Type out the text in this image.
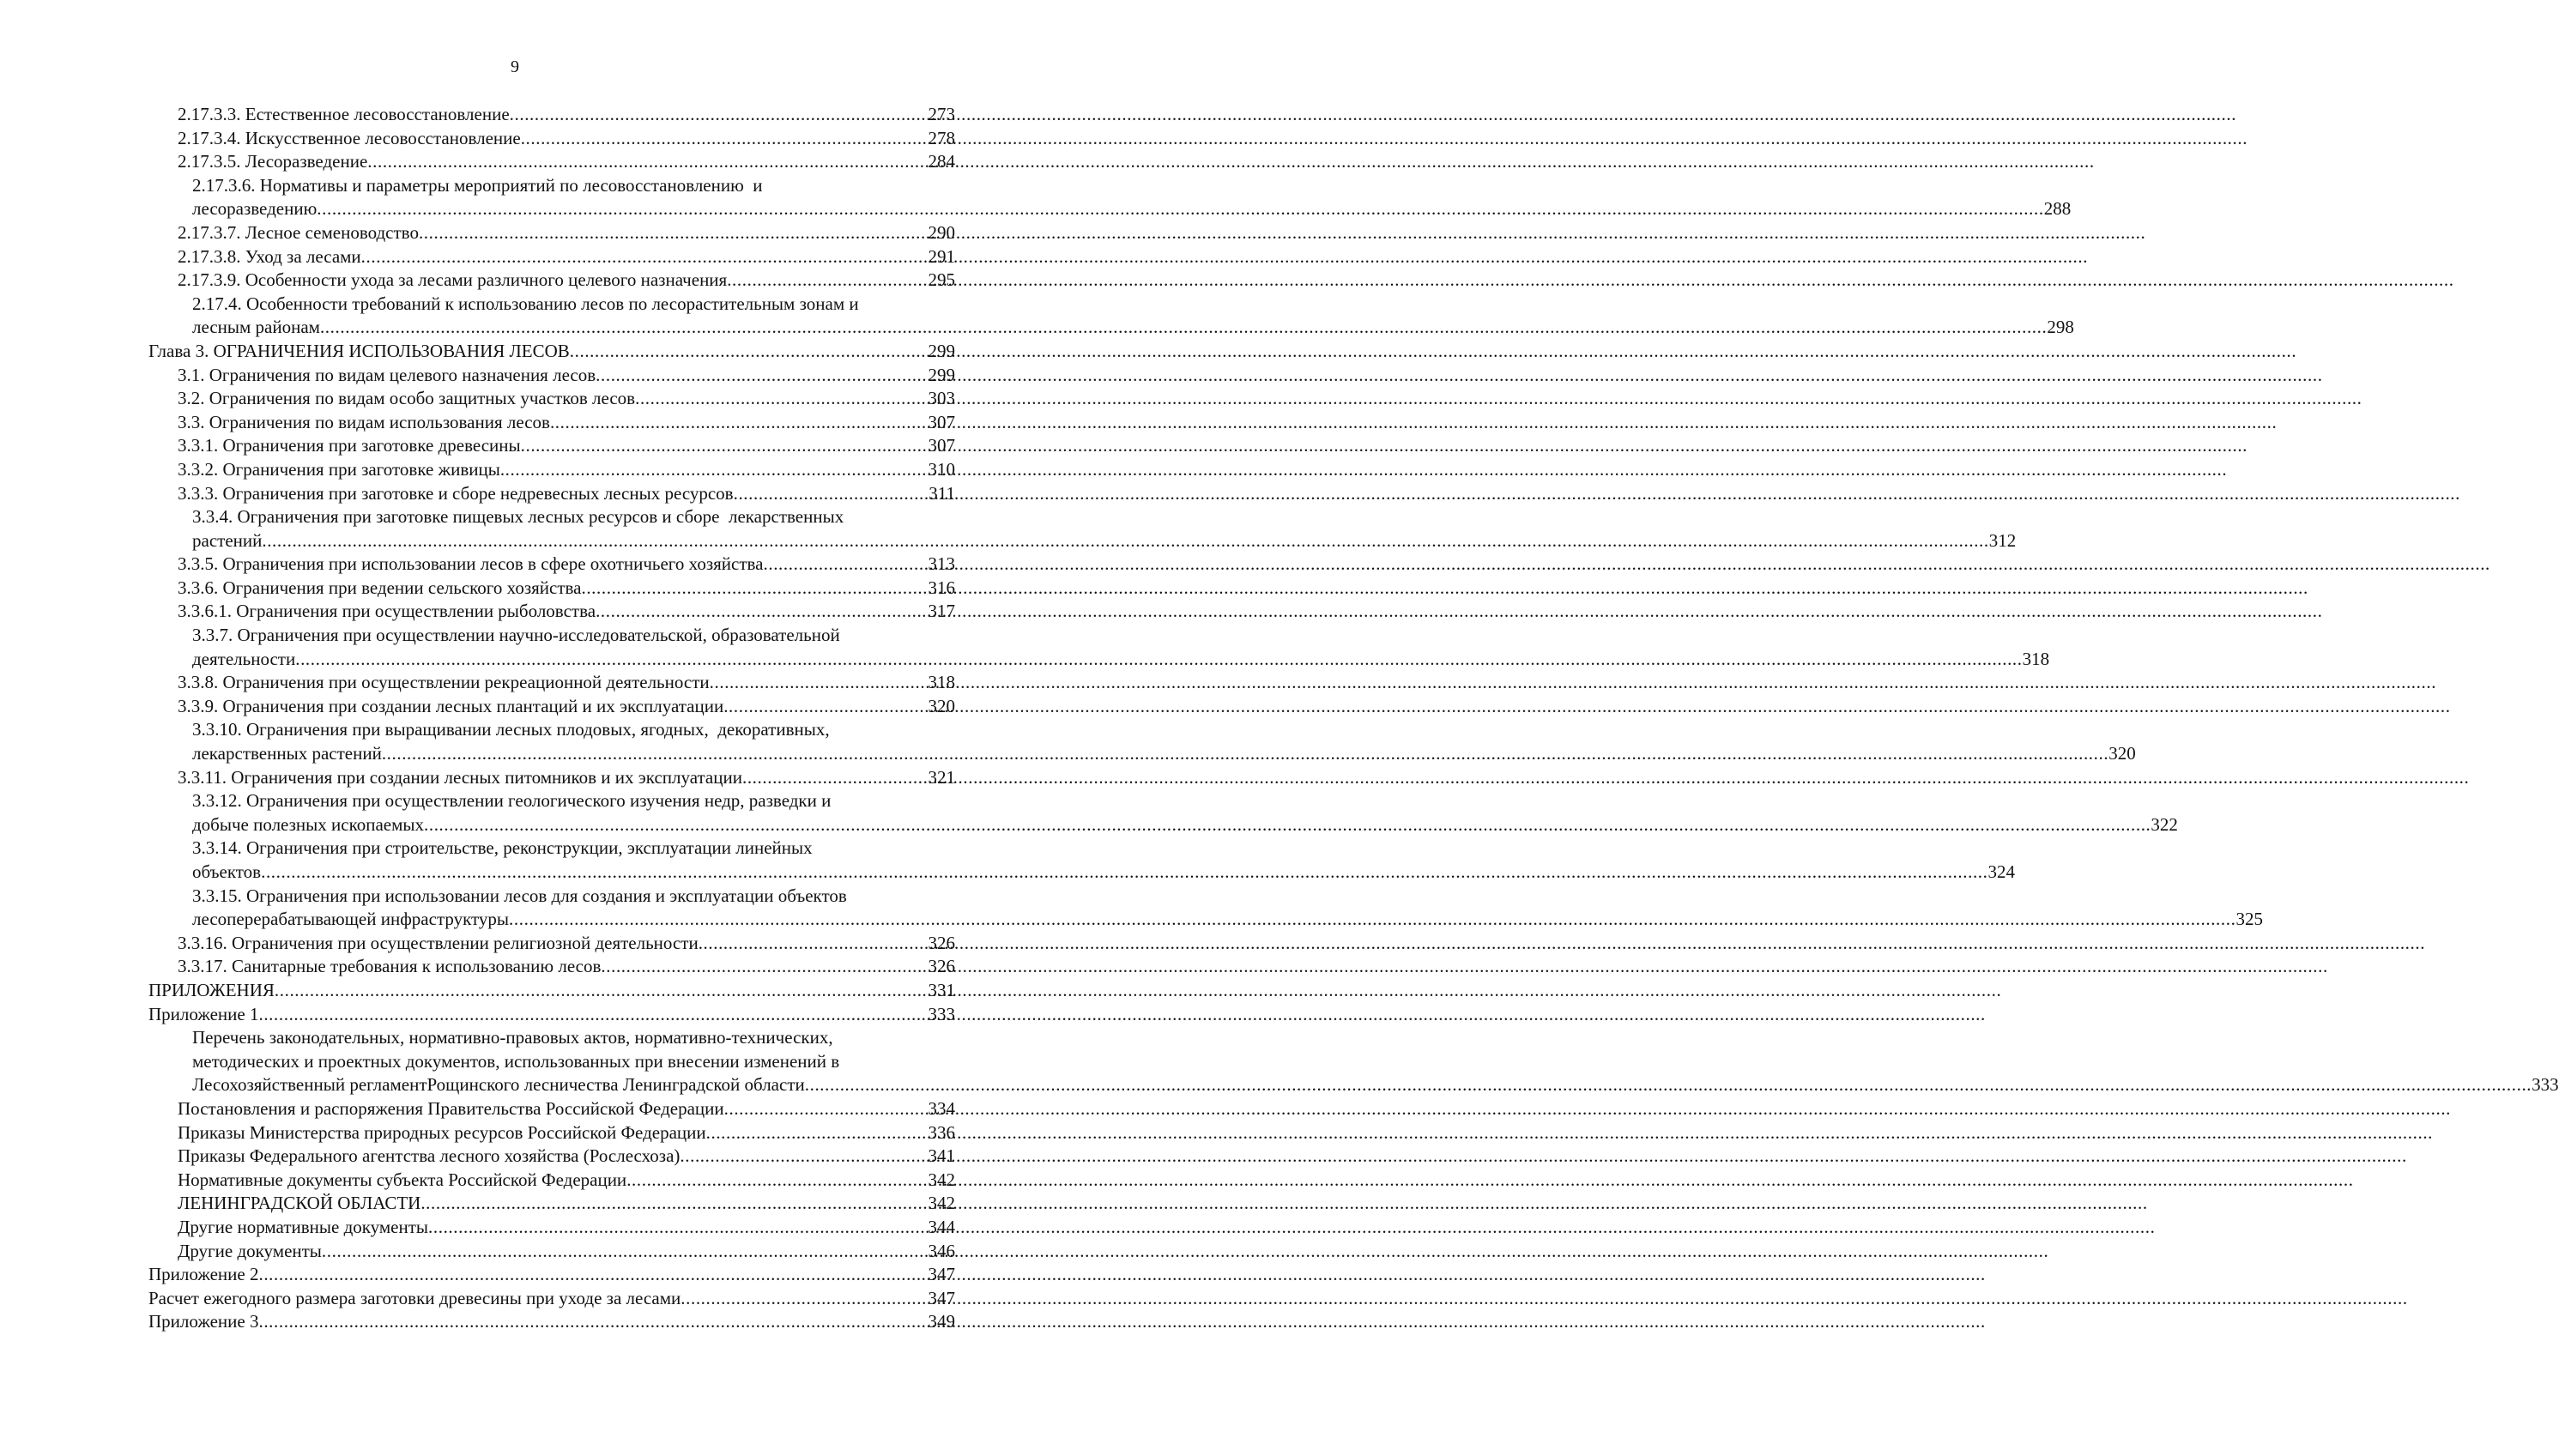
9
2.17.3.3. Естественное лесовосстановление .....	273
2.17.3.4. Искусственное лесовосстановление .....	278
2.17.3.5. Лесоразведение .....	284
2.17.3.6. Нормативы и параметры мероприятий по лесовосстановлению  и
лесоразведению .....	288
2.17.3.7. Лесное семеноводство .....	290
2.17.3.8. Уход за лесами .....	291
2.17.3.9. Особенности ухода за лесами различного целевого назначения .....	295
2.17.4. Особенности требований к использованию лесов по лесорастительным зонам и
лесным районам .....	298
Глава 3. ОГРАНИЧЕНИЯ ИСПОЛЬЗОВАНИЯ ЛЕСОВ .....	299
3.1. Ограничения по видам целевого назначения лесов .....	299
3.2. Ограничения по видам особо защитных участков лесов .....	303
3.3. Ограничения по видам использования лесов .....	307
3.3.1. Ограничения при заготовке древесины .....	307
3.3.2. Ограничения при заготовке живицы .....	310
3.3.3. Ограничения при заготовке и сборе недревесных лесных ресурсов .....	311
3.3.4. Ограничения при заготовке пищевых лесных ресурсов и сборе  лекарственных
растений .....	312
3.3.5. Ограничения при использовании лесов в сфере охотничьего хозяйства .....	313
3.3.6. Ограничения при ведении сельского хозяйства .....	316
3.3.6.1. Ограничения при осуществлении рыболовства .....	317
3.3.7. Ограничения при осуществлении научно-исследовательской, образовательной
деятельности .....	318
3.3.8. Ограничения при осуществлении рекреационной деятельности .....	318
3.3.9. Ограничения при создании лесных плантаций и их эксплуатации .....	320
3.3.10. Ограничения при выращивании лесных плодовых, ягодных,  декоративных,
лекарственных растений .....	320
3.3.11. Ограничения при создании лесных питомников и их эксплуатации .....	321
3.3.12. Ограничения при осуществлении геологического изучения недр, разведки и
добыче полезных ископаемых .....	322
3.3.14. Ограничения при строительстве, реконструкции, эксплуатации линейных
объектов .....	324
3.3.15. Ограничения при использовании лесов для создания и эксплуатации объектов
лесоперерабатывающей инфраструктуры .....	325
3.3.16. Ограничения при осуществлении религиозной деятельности .....	326
3.3.17. Санитарные требования к использованию лесов .....	326
ПРИЛОЖЕНИЯ .....	331
Приложение 1 .....	333
Перечень законодательных, нормативно-правовых актов, нормативно-технических,
методических и проектных документов, использованных при внесении изменений в
Лесохозяйственный регламентРощинского лесничества Ленинградской области .....	333
Постановления и распоряжения Правительства Российской Федерации .....	334
Приказы Министерства природных ресурсов Российской Федерации .....	336
Приказы Федерального агентства лесного хозяйства (Рослесхоза) .....	341
Нормативные документы субъекта Российской Федерации .....	342
ЛЕНИНГРАДСКОЙ ОБЛАСТИ .....	342
Другие нормативные документы .....	344
Другие документы .....	346
Приложение 2 .....	347
Расчет ежегодного размера заготовки древесины при уходе за лесами .....	347
Приложение 3 .....	349
